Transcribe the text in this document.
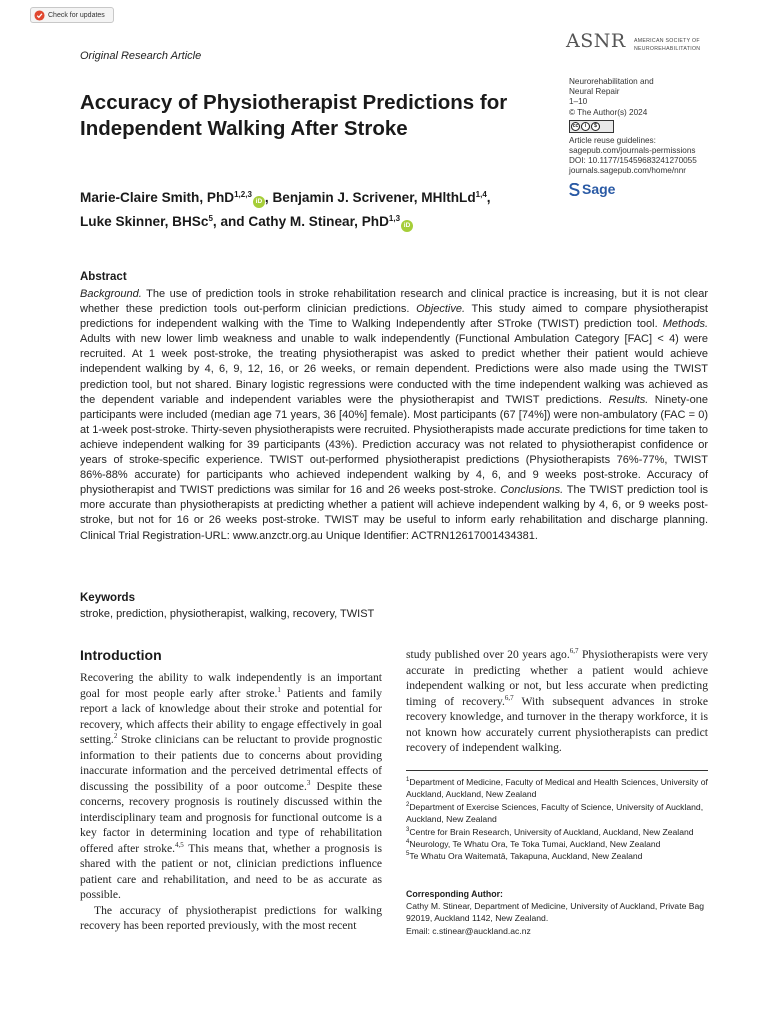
Check for updates
Original Research Article
ASNR AMERICAN SOCIETY OF
NEUROREHABILITATION
Neurorehabilitation and
Neural Repair
1–10
© The Author(s) 2024
cc	i	$
Article reuse guidelines:
sagepub.com/journals-permissions
DOI: 10.1177/15459683241270055
journals.sagepub.com/home/nnr
Sage
Accuracy of Physiotherapist Predictions for Independent Walking After Stroke
Marie-Claire Smith, PhD$^{1,2,3}$iD , Benjamin J. Scrivener, MHlthLd$^{1,4}$,
Luke Skinner, BHSc$^5$, and Cathy M. Stinear, PhD$^{1,3}$iD
Abstract
Background. The use of prediction tools in stroke rehabilitation research and clinical practice is increasing, but it is not clear whether these prediction tools out-perform clinician predictions. Objective. This study aimed to compare physiotherapist predictions for independent walking with the Time to Walking Independently after STroke (TWIST) prediction tool. Methods. Adults with new lower limb weakness and unable to walk independently (Functional Ambulation Category [FAC] < 4) were recruited. At 1 week post-stroke, the treating physiotherapist was asked to predict whether their patient would achieve independent walking by 4, 6, 9, 12, 16, or 26 weeks, or remain dependent. Predictions were also made using the TWIST prediction tool, but not shared. Binary logistic regressions were conducted with the time independent walking was achieved as the dependent variable and independent variables were the physiotherapist and TWIST predictions. Results. Ninety-one participants were included (median age 71 years, 36 [40%] female). Most participants (67 [74%]) were non-ambulatory (FAC = 0) at 1-week post-stroke. Thirty-seven physiotherapists were recruited. Physiotherapists made accurate predictions for time taken to achieve independent walking for 39 participants (43%). Prediction accuracy was not related to physiotherapist confidence or years of stroke-specific experience. TWIST out-performed physiotherapist predictions (Physiotherapists 76%-77%, TWIST 86%-88% accurate) for participants who achieved independent walking by 4, 6, and 9 weeks post-stroke. Accuracy of physiotherapist and TWIST predictions was similar for 16 and 26 weeks post-stroke. Conclusions. The TWIST prediction tool is more accurate than physiotherapists at predicting whether a patient will achieve independent walking by 4, 6, or 9 weeks post-stroke, but not for 16 or 26 weeks post-stroke. TWIST may be useful to inform early rehabilitation and discharge planning. Clinical Trial Registration-URL: www.anzctr.org.au Unique Identifier: ACTRN12617001434381.
Keywords
stroke, prediction, physiotherapist, walking, recovery, TWIST
Introduction

Recovering the ability to walk independently is an important goal for most people early after stroke.$^1$ Patients and family report a lack of knowledge about their stroke and potential for recovery, which affects their ability to engage effectively in goal setting.$^2$ Stroke clinicians can be reluctant to provide prognostic information to their patients due to concerns about providing inaccurate information and the perceived detrimental effects of discussing the possibility of a poor outcome.$^3$ Despite these concerns, recovery prognosis is routinely discussed within the interdisciplinary team and prognosis for functional outcome is a key factor in determining location and type of rehabilitation offered after stroke.$^{4,5}$ This means that, whether a prognosis is shared with the patient or not, clinician predictions influence patient care and rehabilitation, and need to be as accurate as possible.

The accuracy of physiotherapist predictions for walking recovery has been reported previously, with the most recent

study published over 20 years ago.$^{6,7}$ Physiotherapists were very accurate in predicting whether a patient would achieve independent walking or not, but less accurate when predicting timing of recovery.$^{6,7}$ With subsequent advances in stroke recovery knowledge, and turnover in the therapy workforce, it is not known how accurately current physiotherapists can predict recovery of independent walking.

$^1$Department of Medicine, Faculty of Medical and Health Sciences, University of Auckland, Auckland, New Zealand
$^2$Department of Exercise Sciences, Faculty of Science, University of Auckland, Auckland, New Zealand
$^3$Centre for Brain Research, University of Auckland, Auckland, New Zealand
$^4$Neurology, Te Whatu Ora, Te Toka Tumai, Auckland, New Zealand
$^5$Te Whatu Ora Waitematā, Takapuna, Auckland, New Zealand
Corresponding Author:
Cathy M. Stinear, Department of Medicine, University of Auckland, Private Bag 92019, Auckland 1142, New Zealand.
Email: c.stinear@auckland.ac.nz
